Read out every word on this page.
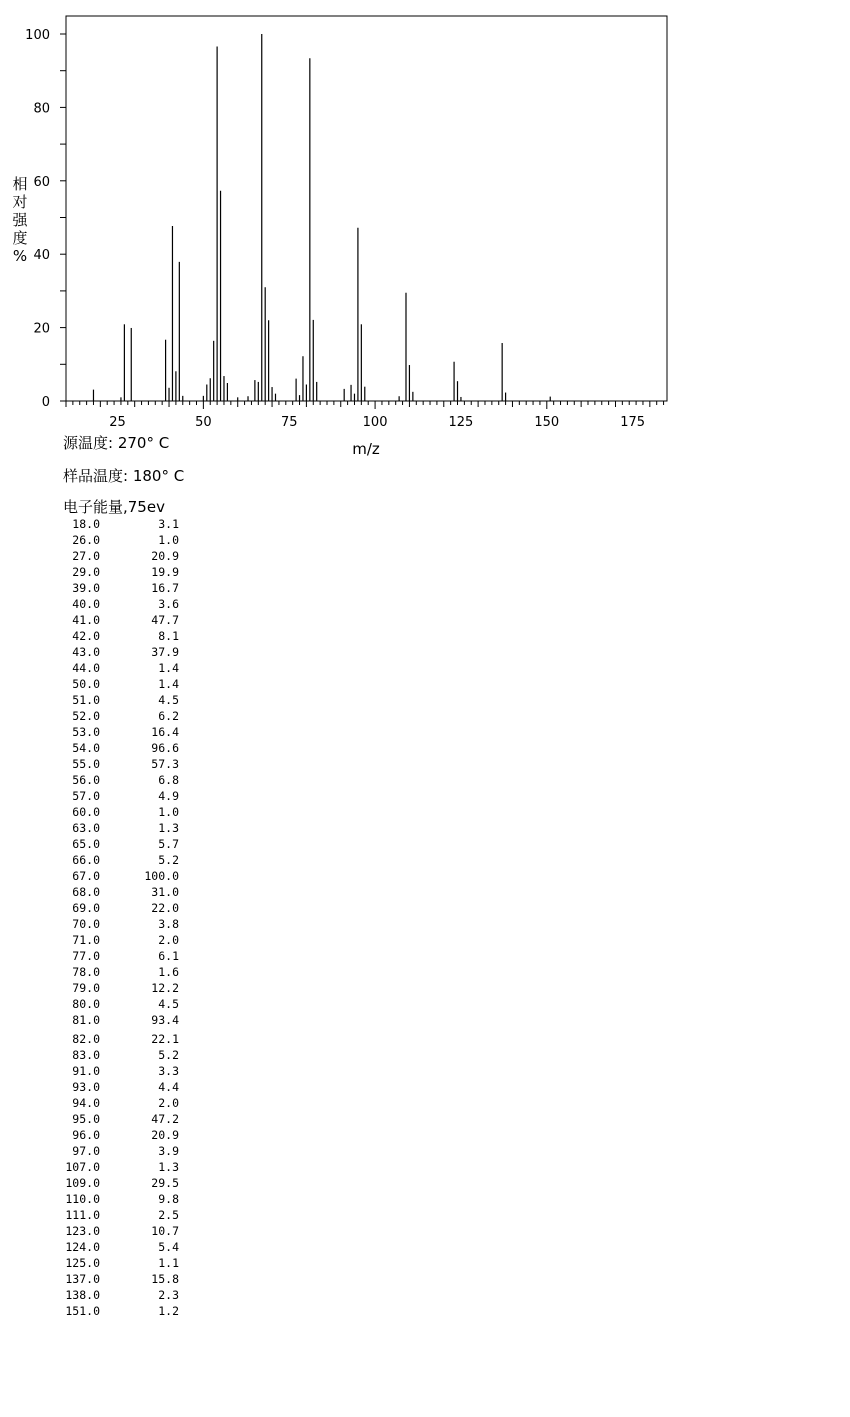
0
20
40
60
80
100
25	50	75	100	125	150	175
相对强度%
m/z
源温度: 270° C
样品温度: 180° C
电子能量,75ev
18.0	3.1
26.0	1.0
27.0	20.9
29.0	19.9
39.0	16.7
40.0	3.6
41.0	47.7
42.0	8.1
43.0	37.9
44.0	1.4
50.0	1.4
51.0	4.5
52.0	6.2
53.0	16.4
54.0	96.6
55.0	57.3
56.0	6.8
57.0	4.9
60.0	1.0
63.0	1.3
65.0	5.7
66.0	5.2
67.0	100.0
68.0	31.0
69.0	22.0
70.0	3.8
71.0	2.0
77.0	6.1
78.0	1.6
79.0	12.2
80.0	4.5
81.0	93.4
82.0	22.1
83.0	5.2
91.0	3.3
93.0	4.4
94.0	2.0
95.0	47.2
96.0	20.9
97.0	3.9
107.0	1.3
109.0	29.5
110.0	9.8
111.0	2.5
123.0	10.7
124.0	5.4
125.0	1.1
137.0	15.8
138.0	2.3
151.0	1.2
